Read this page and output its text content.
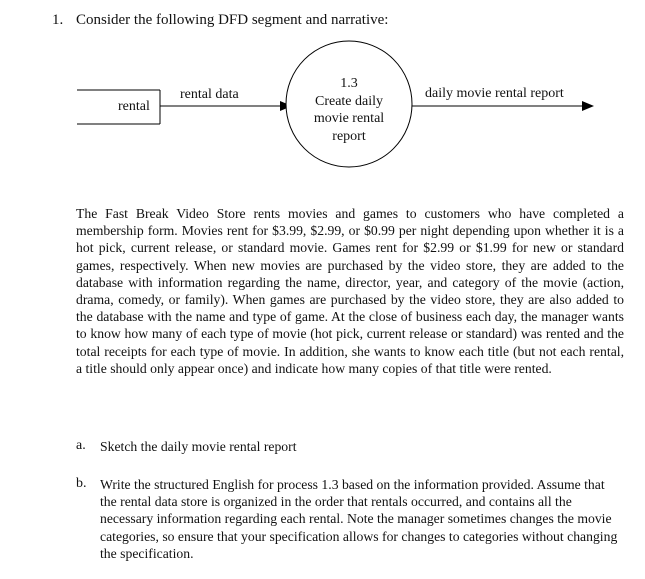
1. Consider the following DFD segment and narrative:
rental
rental data	daily movie rental report
1.3
Create daily
movie rental
report
The Fast Break Video Store rents movies and games to customers who have completed a membership form. Movies rent for $3.99, $2.99, or $0.99 per night depending upon whether it is a hot pick, current release, or standard movie. Games rent for $2.99 or $1.99 for new or standard games, respectively. When new movies are purchased by the video store, they are added to the database with information regarding the name, director, year, and category of the movie (action, drama, comedy, or family). When games are purchased by the video store, they are also added to the database with the name and type of game. At the close of business each day, the manager wants to know how many of each type of movie (hot pick, current release or standard) was rented and the total receipts for each type of movie. In addition, she wants to know each title (but not each rental, a title should only appear once) and indicate how many copies of that title were rented.
a. Sketch the daily movie rental report
b. Write the structured English for process 1.3 based on the information provided. Assume that the rental data store is organized in the order that rentals occurred, and contains all the necessary information regarding each rental. Note the manager sometimes changes the movie categories, so ensure that your specification allows for changes to categories without changing the specification.
